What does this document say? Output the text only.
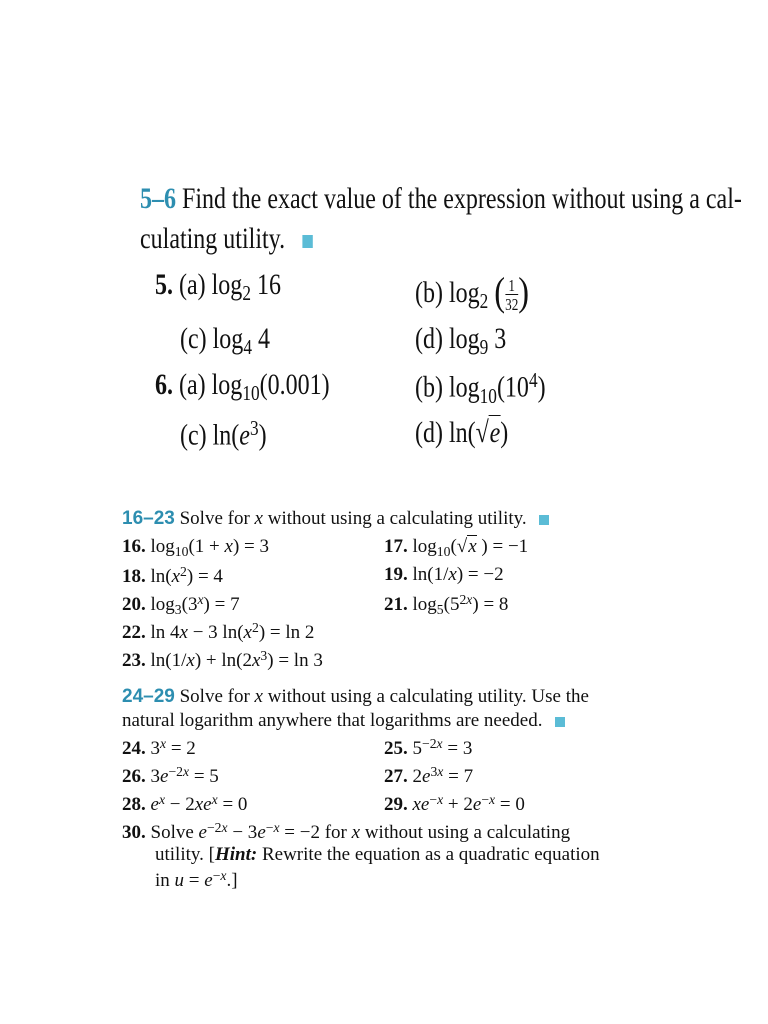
5–6 Find the exact value of the expression without using a cal-
culating utility.
5. (a) $\log_2 16$	(b) $\log_2$ ( $\frac{1}{32}$ )
(c) $\log_4 4$	(d) $\log_9 3$
6. (a) $\log_{10}(0.001)$	(b) $\log_{10}(10^4)$
(c) $\ln(e^3)$	(d) ln(√e)
16–23 Solve for x without using a calculating utility.
16. $\log_{10}(1 + x) = 3$	17. $\log_{10}(√x$ ) = −1
18. $\ln(x^2) = 4$	19. ln(1/x) = −2
20. $\log_3(3^x) = 7$	21. $\log_5(5^{2x}) = 8$
22. ln 4x − 3 $\ln(x^2) = \ln 2$
23. $\ln(1/x) + \ln(2x^3) = \ln 3$
24–29 Solve for x without using a calculating utility. Use the
natural logarithm anywhere that logarithms are needed.
24. $3^x = 2$	25. $5^{-2x} = 3$
26. $3e^{-2x} = 5$	27. $2e^{3x} = 7$
28. $e^x - 2xe^x = 0$	29. $xe^{-x} + 2e^{-x} = 0$
30. Solve $e^{-2x} - 3e^{-x} = -2$ for x without using a calculating
utility. [Hint: Rewrite the equation as a quadratic equation
in $u = e^{-x}$.]
